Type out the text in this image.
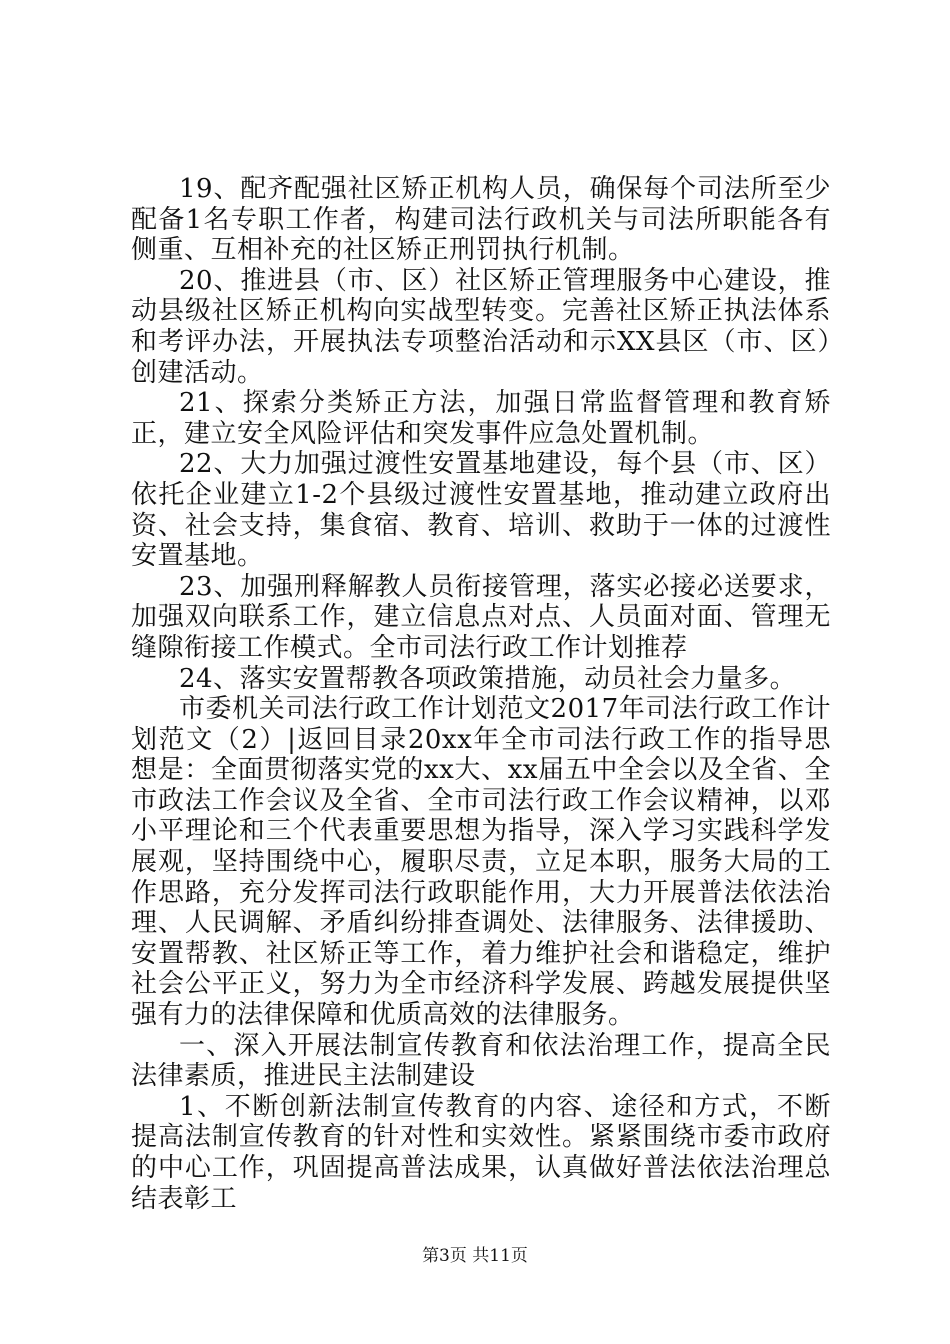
19、配齐配强社区矫正机构人员，确保每个司法所至少配备1名专职工作者，构建司法行政机关与司法所职能各有侧重、互相补充的社区矫正刑罚执行机制。

20、推进县（市、区）社区矫正管理服务中心建设，推动县级社区矫正机构向实战型转变。完善社区矫正执法体系和考评办法，开展执法专项整治活动和示XX县区（市、区）创建活动。

21、探索分类矫正方法，加强日常监督管理和教育矫正，建立安全风险评估和突发事件应急处置机制。

22、大力加强过渡性安置基地建设，每个县（市、区）依托企业建立1-2个县级过渡性安置基地，推动建立政府出资、社会支持，集食宿、教育、培训、救助于一体的过渡性安置基地。

23、加强刑释解教人员衔接管理，落实必接必送要求，加强双向联系工作，建立信息点对点、人员面对面、管理无缝隙衔接工作模式。全市司法行政工作计划推荐

24、落实安置帮教各项政策措施，动员社会力量多。

市委机关司法行政工作计划范文2017年司法行政工作计划范文（2）|返回目录20xx年全市司法行政工作的指导思想是：全面贯彻落实党的xx大、xx届五中全会以及全省、全市政法工作会议及全省、全市司法行政工作会议精神，以邓小平理论和三个代表重要思想为指导，深入学习实践科学发展观，坚持围绕中心，履职尽责，立足本职，服务大局的工作思路，充分发挥司法行政职能作用，大力开展普法依法治理、人民调解、矛盾纠纷排查调处、法律服务、法律援助、安置帮教、社区矫正等工作，着力维护社会和谐稳定，维护社会公平正义，努力为全市经济科学发展、跨越发展提供坚强有力的法律保障和优质高效的法律服务。

一、深入开展法制宣传教育和依法治理工作，提高全民法律素质，推进民主法制建设

1、不断创新法制宣传教育的内容、途径和方式，不断提高法制宣传教育的针对性和实效性。紧紧围绕市委市政府的中心工作，巩固提高普法成果，认真做好普法依法治理总结表彰工

第3页 共11页
